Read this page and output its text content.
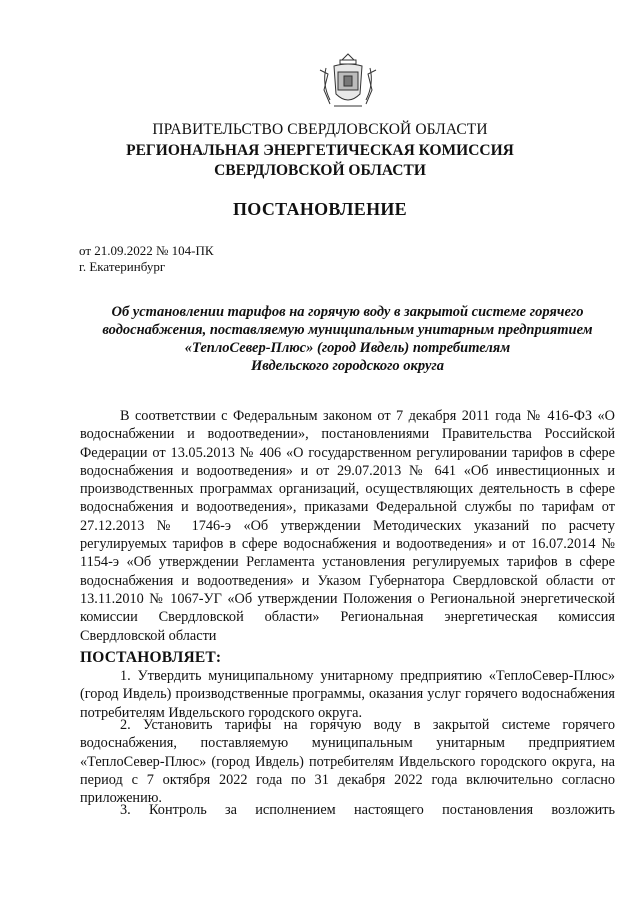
ПРАВИТЕЛЬСТВО СВЕРДЛОВСКОЙ ОБЛАСТИ
РЕГИОНАЛЬНАЯ ЭНЕРГЕТИЧЕСКАЯ КОМИССИЯ
СВЕРДЛОВСКОЙ ОБЛАСТИ
ПОСТАНОВЛЕНИЕ
от 21.09.2022 № 104-ПК
г. Екатеринбург
Об установлении тарифов на горячую воду в закрытой системе горячего
водоснабжения, поставляемую муниципальным унитарным предприятием
«ТеплоСевер-Плюс» (город Ивдель) потребителям
Ивдельского городского округа
В соответствии с Федеральным законом от 7 декабря 2011 года № 416-ФЗ «О водоснабжении и водоотведении», постановлениями Правительства Российской Федерации от 13.05.2013 № 406 «О государственном регулировании тарифов в сфере водоснабжения и водоотведения» и от 29.07.2013 № 641 «Об инвестиционных и производственных программах организаций, осуществляющих деятельность в сфере водоснабжения и водоотведения», приказами Федеральной службы по тарифам от 27.12.2013 № 1746-э «Об утверждении Методических указаний по расчету регулируемых тарифов в сфере водоснабжения и водоотведения» и от 16.07.2014 № 1154-э «Об утверждении Регламента установления регулируемых тарифов в сфере водоснабжения и водоотведения» и Указом Губернатора Свердловской области от 13.11.2010 № 1067-УГ «Об утверждении Положения о Региональной энергетической комиссии Свердловской области» Региональная энергетическая комиссия Свердловской области
ПОСТАНОВЛЯЕТ:
1. Утвердить муниципальному унитарному предприятию «ТеплоСевер-Плюс» (город Ивдель) производственные программы, оказания услуг горячего водоснабжения потребителям Ивдельского городского округа.
2. Установить тарифы на горячую воду в закрытой системе горячего водоснабжения, поставляемую муниципальным унитарным предприятием «ТеплоСевер-Плюс» (город Ивдель) потребителям Ивдельского городского округа, на период с 7 октября 2022 года по 31 декабря 2022 года включительно согласно приложению.
3. Контроль за исполнением настоящего постановления возложить
